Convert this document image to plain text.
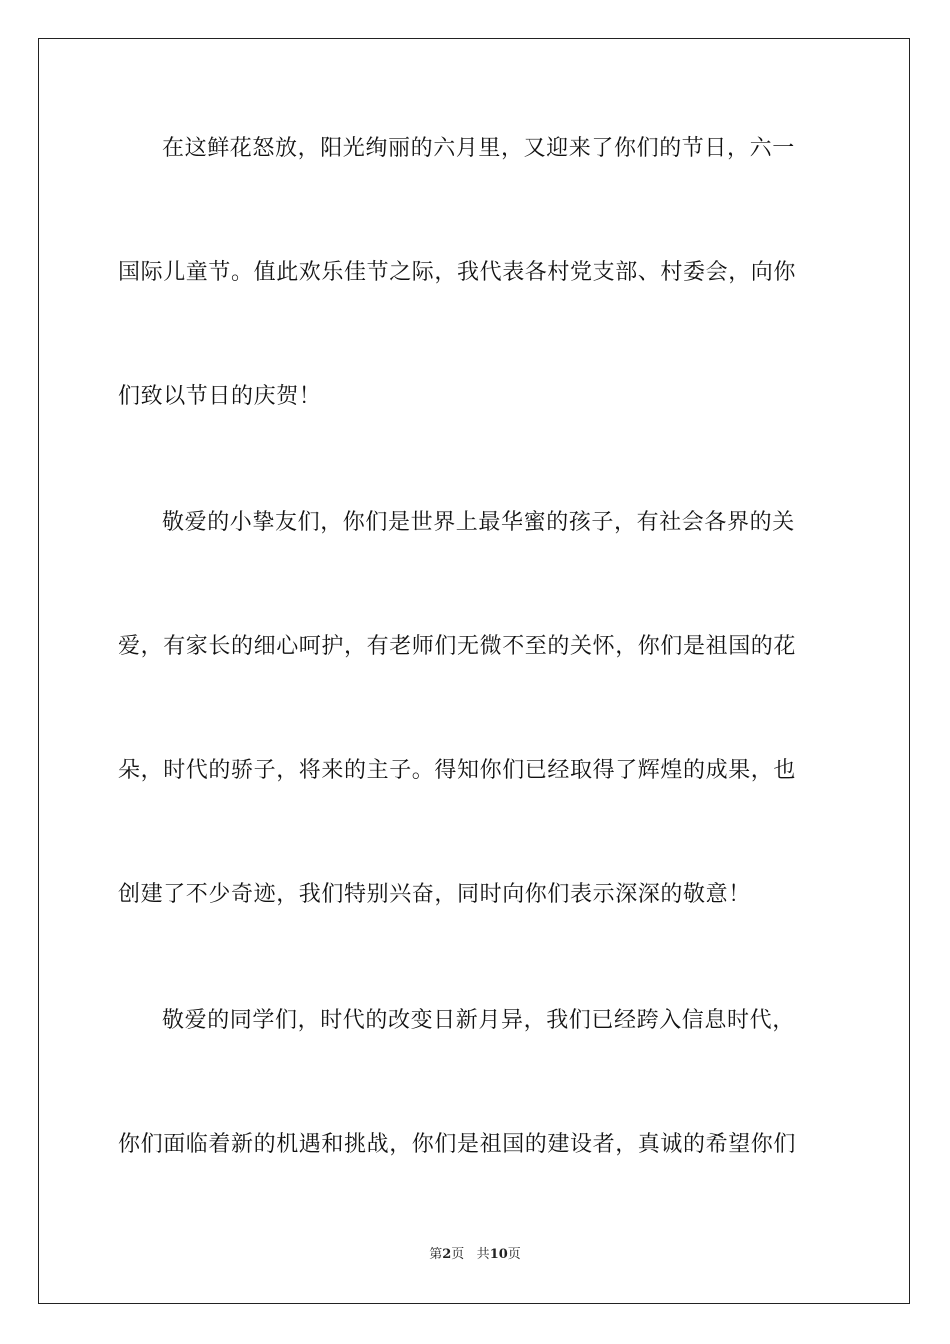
在这鲜花怒放，阳光绚丽的六月里，又迎来了你们的节日，六一
国际儿童节。值此欢乐佳节之际，我代表各村党支部、村委会，向你
们致以节日的庆贺！
敬爱的小挚友们，你们是世界上最华蜜的孩子，有社会各界的关
爱，有家长的细心呵护，有老师们无微不至的关怀，你们是祖国的花
朵，时代的骄子，将来的主子。得知你们已经取得了辉煌的成果，也
创建了不少奇迹，我们特别兴奋，同时向你们表示深深的敬意！
敬爱的同学们，时代的改变日新月异，我们已经跨入信息时代，
你们面临着新的机遇和挑战，你们是祖国的建设者，真诚的希望你们
第2页 共10页
